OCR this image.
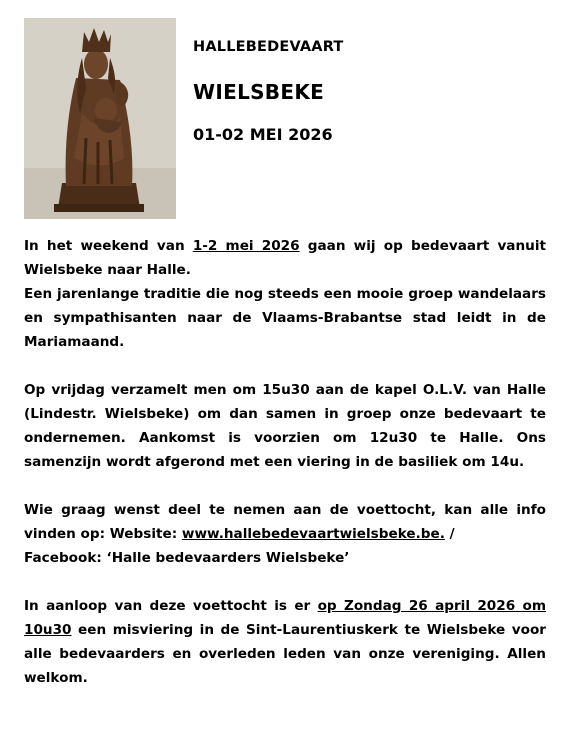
HALLEBEDEVAART
WIELSBEKE
01-02 MEI 2026

In het weekend van 1-2 mei 2026 gaan wij op bedevaart vanuit Wielsbeke naar Halle.
Een jarenlange traditie die nog steeds een mooie groep wandelaars en sympathisanten naar de Vlaams-Brabantse stad leidt in de Mariamaand.

Op vrijdag verzamelt men om 15u30 aan de kapel O.L.V. van Halle (Lindestr. Wielsbeke) om dan samen in groep onze bedevaart te ondernemen. Aankomst is voorzien om 12u30 te Halle. Ons samenzijn wordt afgerond met een viering in de basiliek om 14u.

Wie graag wenst deel te nemen aan de voettocht, kan alle info vinden op: Website: www.hallebedevaartwielsbeke.be. /
Facebook: ‘Halle bedevaarders Wielsbeke’

In aanloop van deze voettocht is er op Zondag 26 april 2026 om 10u30 een misviering in de Sint-Laurentiuskerk te Wielsbeke voor alle bedevaarders en overleden leden van onze vereniging. Allen welkom.
